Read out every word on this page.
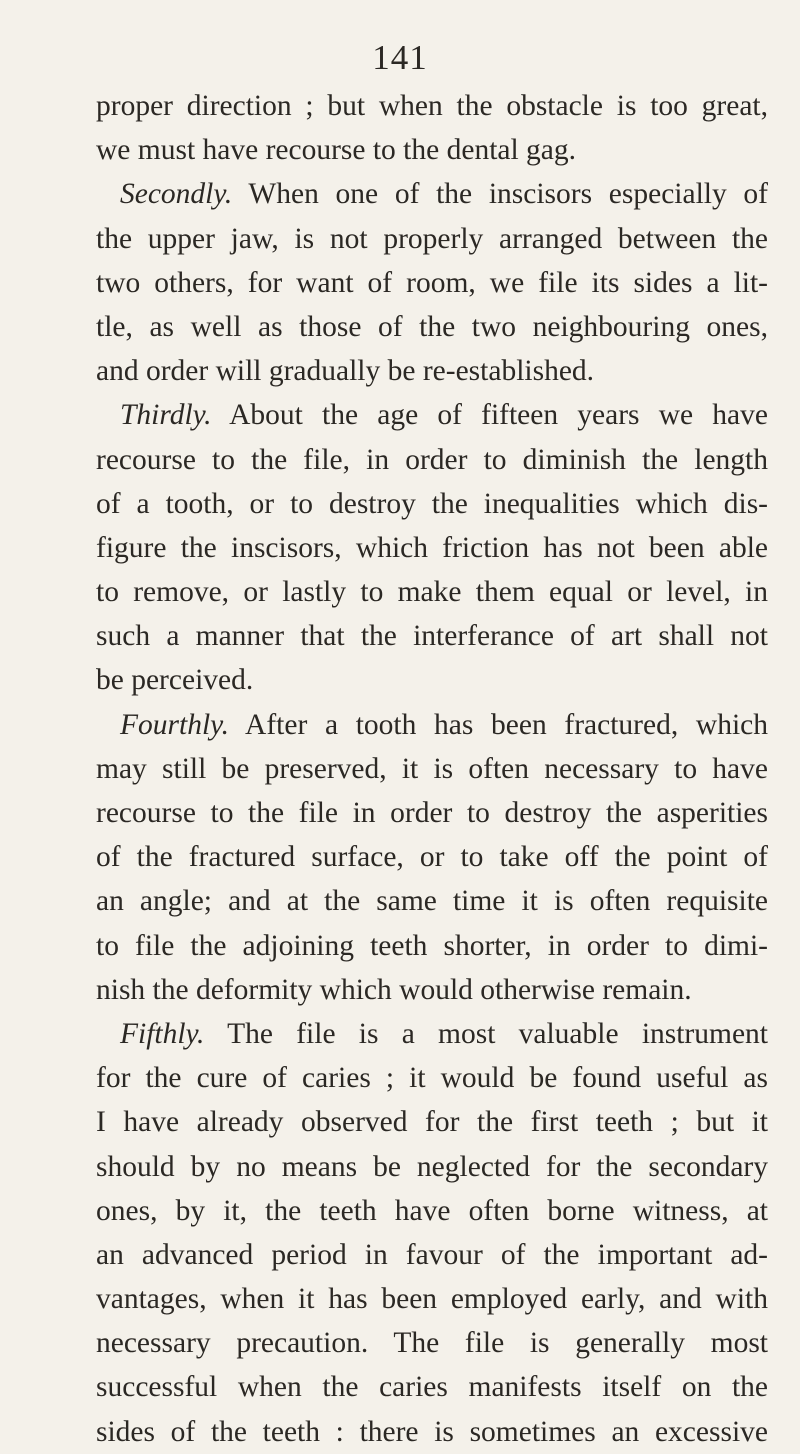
141
proper direction ; but when the obstacle is too great,
we must have recourse to the dental gag.
Secondly. When one of the inscisors especially of
the upper jaw, is not properly arranged between the
two others, for want of room, we file its sides a lit-
tle, as well as those of the two neighbouring ones,
and order will gradually be re-established.
Thirdly. About the age of fifteen years we have
recourse to the file, in order to diminish the length
of a tooth, or to destroy the inequalities which dis-
figure the inscisors, which friction has not been able
to remove, or lastly to make them equal or level, in
such a manner that the interferance of art shall not
be perceived.
Fourthly. After a tooth has been fractured, which
may still be preserved, it is often necessary to have
recourse to the file in order to destroy the asperities
of the fractured surface, or to take off the point of
an angle; and at the same time it is often requisite
to file the adjoining teeth shorter, in order to dimi-
nish the deformity which would otherwise remain.
Fifthly. The file is a most valuable instrument
for the cure of caries ; it would be found useful as
I have already observed for the first teeth ; but it
should by no means be neglected for the secondary
ones, by it, the teeth have often borne witness, at
an advanced period in favour of the important ad-
vantages, when it has been employed early, and with
necessary precaution. The file is generally most
successful when the caries manifests itself on the
sides of the teeth : there is sometimes an excessive
